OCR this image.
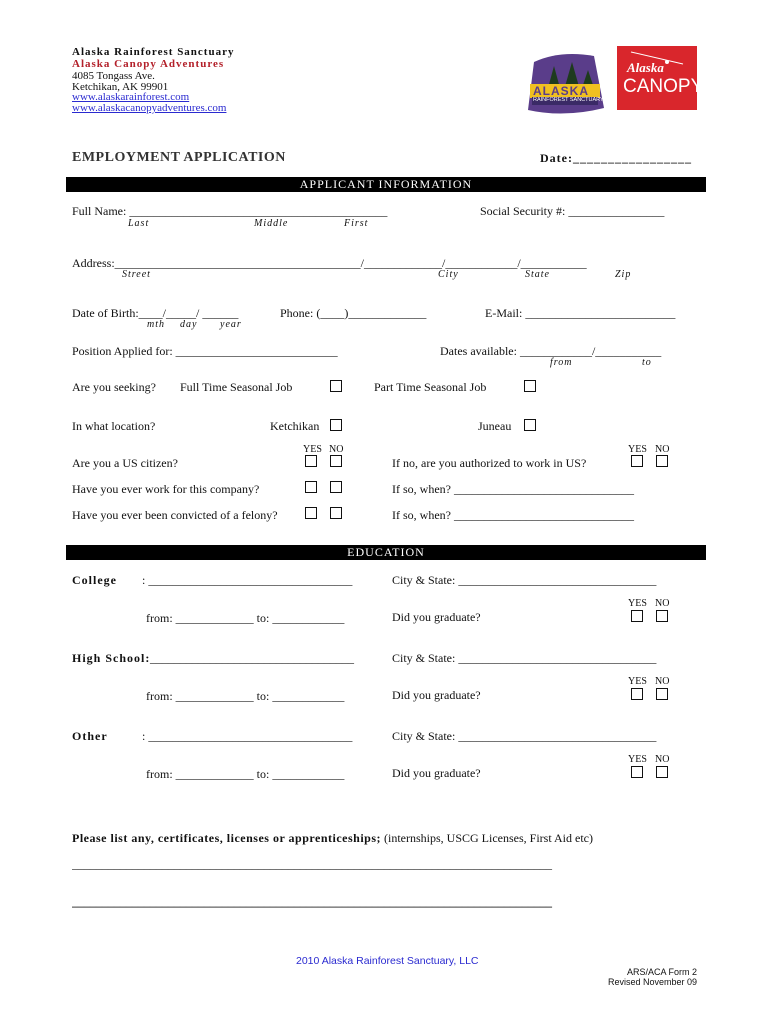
Alaska Rainforest Sanctuary
Alaska Canopy Adventures
4085 Tongass Ave.
Ketchikan, AK 99901
www.alaskarainforest.com
www.alaskacanopyadventures.com
ALASKA
RAINFOREST SANCTUARY
Alaska
CANOPY
EMPLOYMENT APPLICATION	Date:_________________
APPLICANT INFORMATION
Full Name: ___________________________________________
Last	Middle	First
Social Security #: ________________
Address:_________________________________________/_____________/____________/___________
Street	City	State	Zip
Date of Birth:____/_____/ ______
mth day year
Phone: (____)_____________	E-Mail: _________________________
Position Applied for: ___________________________	Dates available: ____________/___________
from	to
Are you seeking? Full Time Seasonal Job	Part Time Seasonal Job
In what location?	Ketchikan	Juneau
YES NO	YES NO
Are you a US citizen?	If no, are you authorized to work in US?
Have you ever work for this company?	If so, when? ______________________________
Have you ever been convicted of a felony?	If so, when? ______________________________
EDUCATION
College : __________________________________	City & State: _________________________________
YES NO
from: _____________ to: ____________	Did you graduate?
High School: __________________________________	City & State: _________________________________
YES NO
from: _____________ to: ____________	Did you graduate?
Other	: __________________________________	City & State: _________________________________
YES NO
from: _____________ to: ____________	Did you graduate?
Please list any, certificates, licenses or apprenticeships; (internships, USCG Licenses, First Aid etc)
________________________________________________________________________________
________________________________________________________________________________
2010 Alaska Rainforest Sanctuary, LLC
ARS/ACA Form 2
Revised November 09
